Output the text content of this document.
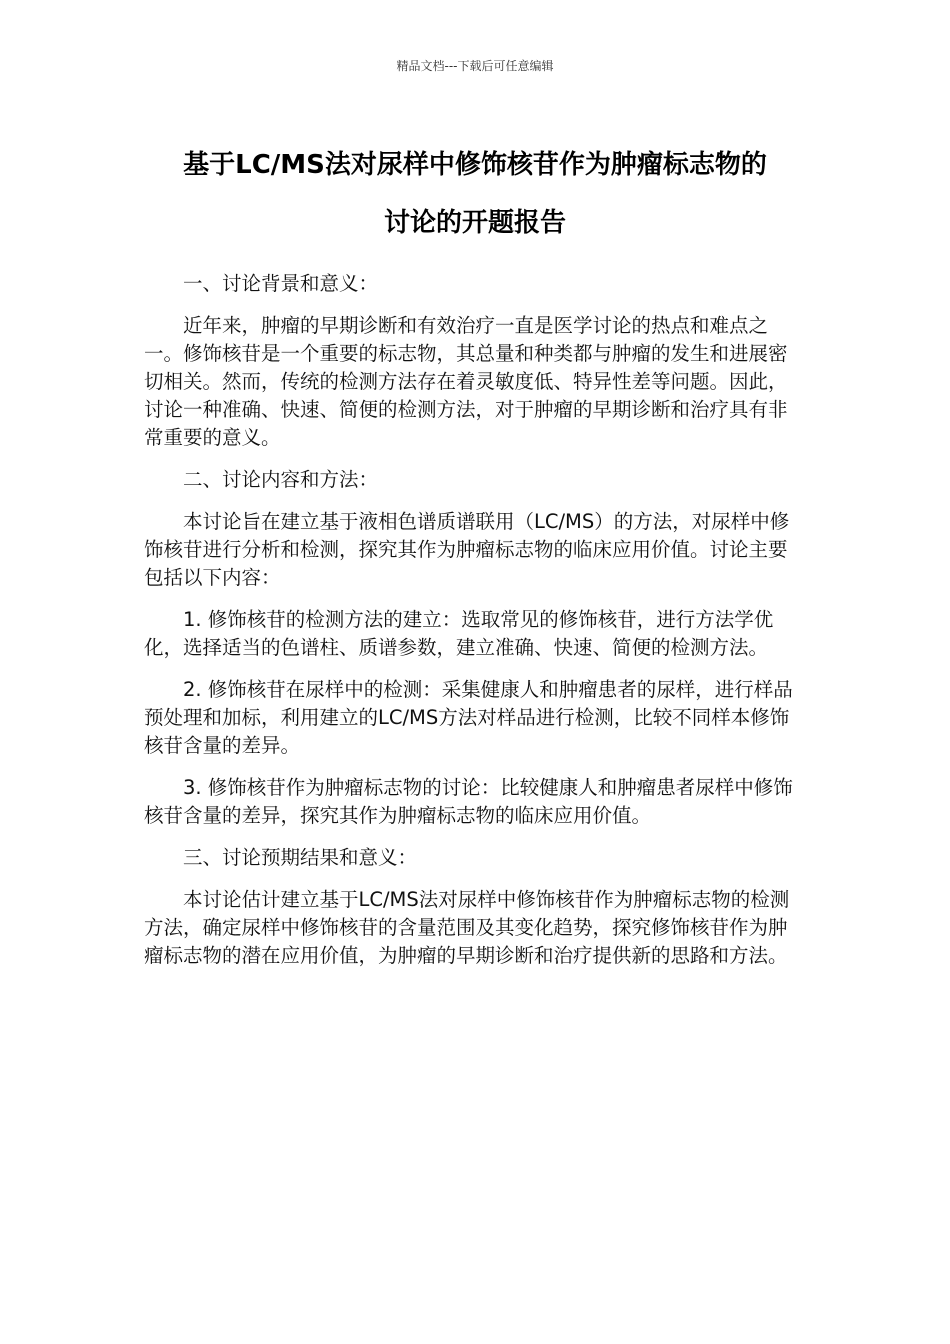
精品文档---下载后可任意编辑
基于LC/MS法对尿样中修饰核苷作为肿瘤标志物的
讨论的开题报告

一、讨论背景和意义：

近年来，肿瘤的早期诊断和有效治疗一直是医学讨论的热点和难点之一。修饰核苷是一个重要的标志物，其总量和种类都与肿瘤的发生和进展密切相关。然而，传统的检测方法存在着灵敏度低、特异性差等问题。因此，讨论一种准确、快速、简便的检测方法，对于肿瘤的早期诊断和治疗具有非常重要的意义。

二、讨论内容和方法：

本讨论旨在建立基于液相色谱质谱联用（LC/MS）的方法，对尿样中修饰核苷进行分析和检测，探究其作为肿瘤标志物的临床应用价值。讨论主要包括以下内容：

1. 修饰核苷的检测方法的建立：选取常见的修饰核苷，进行方法学优化，选择适当的色谱柱、质谱参数，建立准确、快速、简便的检测方法。

2. 修饰核苷在尿样中的检测：采集健康人和肿瘤患者的尿样，进行样品预处理和加标，利用建立的LC/MS方法对样品进行检测，比较不同样本修饰核苷含量的差异。

3. 修饰核苷作为肿瘤标志物的讨论：比较健康人和肿瘤患者尿样中修饰核苷含量的差异，探究其作为肿瘤标志物的临床应用价值。

三、讨论预期结果和意义：

本讨论估计建立基于LC/MS法对尿样中修饰核苷作为肿瘤标志物的检测方法，确定尿样中修饰核苷的含量范围及其变化趋势，探究修饰核苷作为肿瘤标志物的潜在应用价值，为肿瘤的早期诊断和治疗提供新的思路和方法。
